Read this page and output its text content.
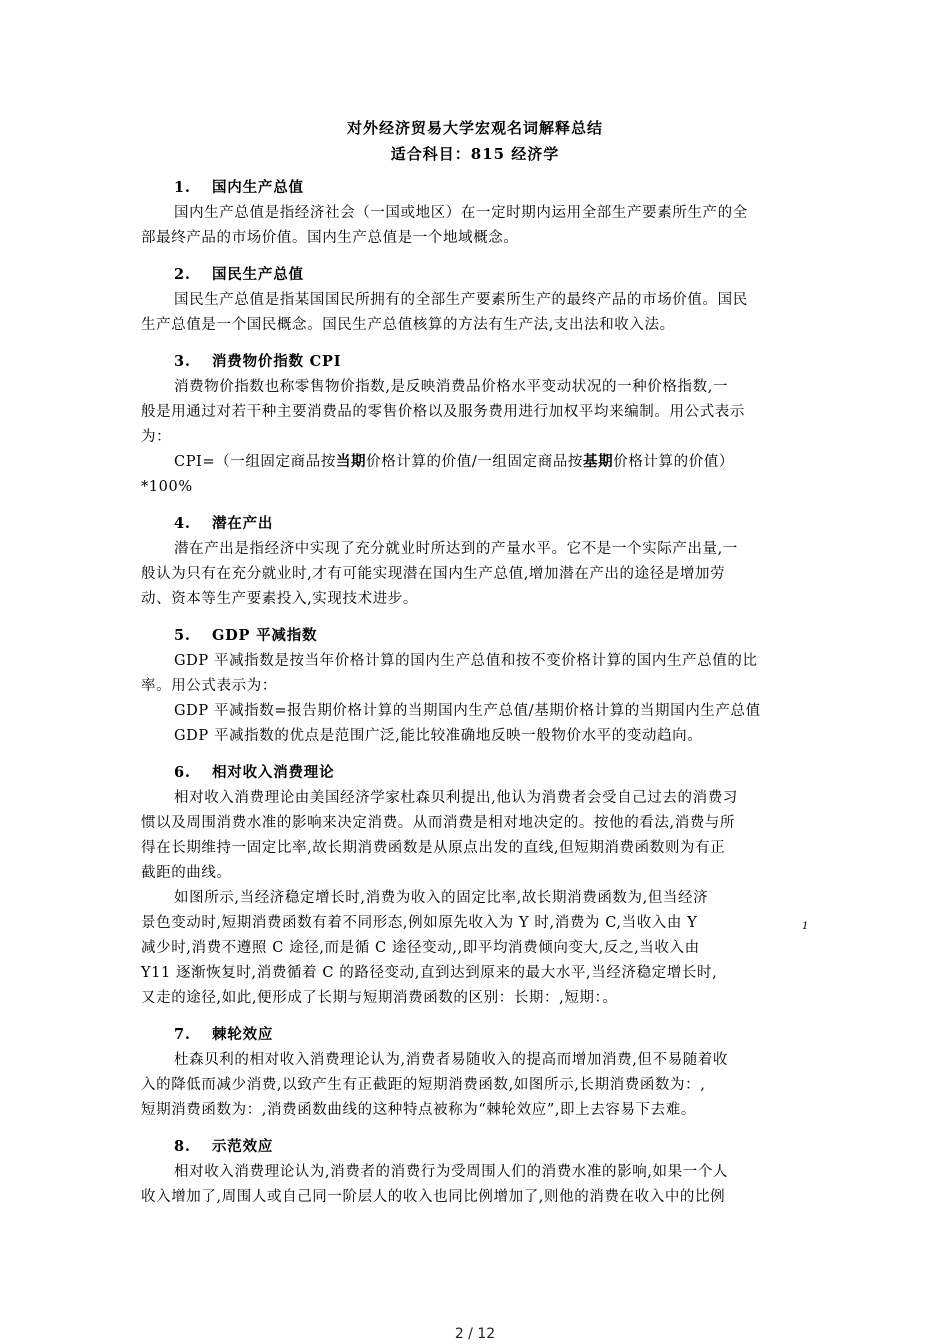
对外经济贸易大学宏观名词解释总结
适合科目：815 经济学
1. 国内生产总值
国内生产总值是指经济社会（一国或地区）在一定时期内运用全部生产要素所生产的全
部最终产品的市场价值。国内生产总值是一个地域概念。
2. 国民生产总值
国民生产总值是指某国国民所拥有的全部生产要素所生产的最终产品的市场价值。国民
生产总值是一个国民概念。国民生产总值核算的方法有生产法,支出法和收入法。
3. 消费物价指数 CPI
消费物价指数也称零售物价指数,是反映消费品价格水平变动状况的一种价格指数,一
般是用通过对若干种主要消费品的零售价格以及服务费用进行加权平均来编制。用公式表示
为：
CPI=（一组固定商品按当期价格计算的价值/一组固定商品按基期价格计算的价值）
*100%
4. 潜在产出
潜在产出是指经济中实现了充分就业时所达到的产量水平。它不是一个实际产出量,一
般认为只有在充分就业时,才有可能实现潜在国内生产总值,增加潜在产出的途径是增加劳
动、资本等生产要素投入,实现技术进步。
5. GDP 平减指数
GDP 平减指数是按当年价格计算的国内生产总值和按不变价格计算的国内生产总值的比
率。用公式表示为：
GDP 平减指数=报告期价格计算的当期国内生产总值/基期价格计算的当期国内生产总值
GDP 平减指数的优点是范围广泛,能比较准确地反映一般物价水平的变动趋向。
6. 相对收入消费理论
相对收入消费理论由美国经济学家杜森贝利提出,他认为消费者会受自己过去的消费习
惯以及周围消费水准的影响来决定消费。从而消费是相对地决定的。按他的看法,消费与所
得在长期维持一固定比率,故长期消费函数是从原点出发的直线,但短期消费函数则为有正
截距的曲线。
如图所示,当经济稳定增长时,消费为收入的固定比率,故长期消费函数为,但当经济
景色变动时,短期消费函数有着不同形态,例如原先收入为 Y 时,消费为 C,当收入由 Y	1
减少时,消费不遵照 C 途径,而是循 C 途径变动,,即平均消费倾向变大,反之,当收入由
Y11 逐渐恢复时,消费循着 C 的路径变动,直到达到原来的最大水平,当经济稳定增长时,
又走的途径,如此,便形成了长期与短期消费函数的区别：长期：,短期：。
7. 棘轮效应
杜森贝利的相对收入消费理论认为,消费者易随收入的提高而增加消费,但不易随着收
入的降低而减少消费,以致产生有正截距的短期消费函数,如图所示,长期消费函数为：,
短期消费函数为：,消费函数曲线的这种特点被称为“棘轮效应”,即上去容易下去难。
8. 示范效应
相对收入消费理论认为,消费者的消费行为受周围人们的消费水准的影响,如果一个人
收入增加了,周围人或自己同一阶层人的收入也同比例增加了,则他的消费在收入中的比例
2 / 12
